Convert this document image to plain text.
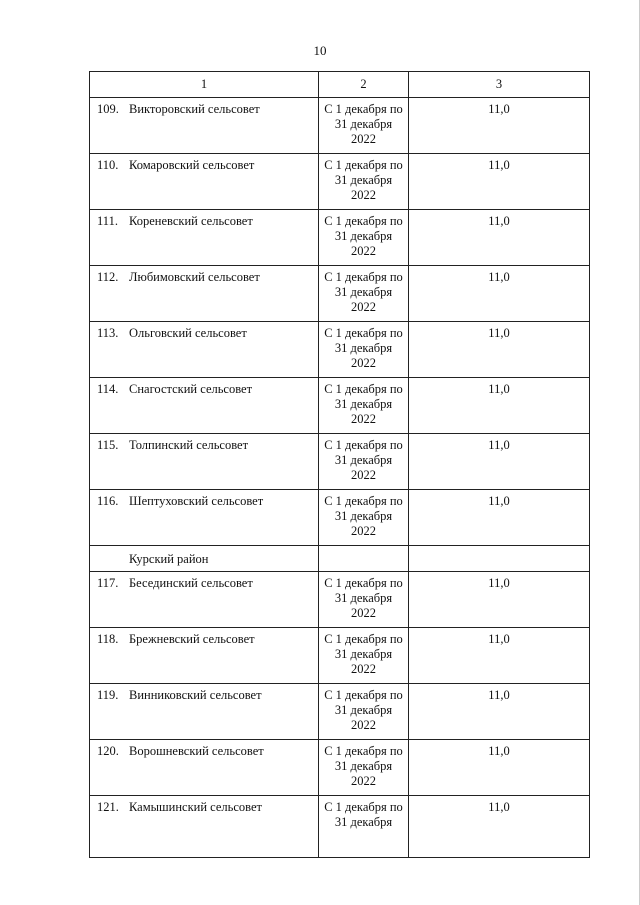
10
1	2	3

109. Викторовский сельсовет	С 1 декабря по 31 декабря 2022	11,0

110. Комаровский сельсовет	С 1 декабря по 31 декабря 2022	11,0

111. Кореневский сельсовет	С 1 декабря по 31 декабря 2022	11,0

112. Любимовский сельсовет	С 1 декабря по 31 декабря 2022	11,0

113. Ольговский сельсовет	С 1 декабря по 31 декабря 2022	11,0

114. Снагостский сельсовет	С 1 декабря по 31 декабря 2022	11,0

115. Толпинский сельсовет	С 1 декабря по 31 декабря 2022	11,0

116. Шептуховский сельсовет	С 1 декабря по 31 декабря 2022	11,0

Курский район		

117. Бесединский сельсовет	С 1 декабря по 31 декабря 2022	11,0

118. Брежневский сельсовет	С 1 декабря по 31 декабря 2022	11,0

119. Винниковский сельсовет	С 1 декабря по 31 декабря 2022	11,0

120. Ворошневский сельсовет	С 1 декабря по 31 декабря 2022	11,0

121. Камышинский сельсовет	С 1 декабря по 31 декабря	11,0
